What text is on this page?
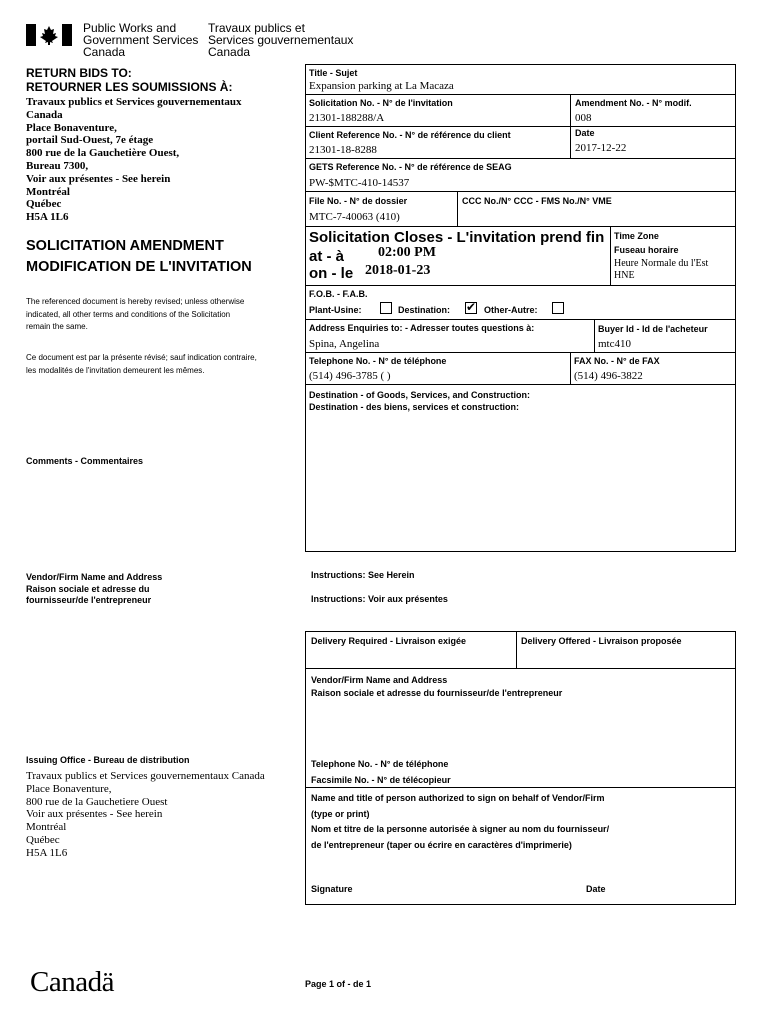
Public Works and
Government Services
Canada
Travaux publics et
Services gouvernementaux
Canada
RETURN BIDS TO:
RETOURNER LES SOUMISSIONS À:
Travaux publics et Services gouvernementaux
Canada
Place Bonaventure,
portail Sud-Ouest, 7e étage
800 rue de la Gauchetière Ouest,
Bureau 7300,
Voir aux présentes - See herein
Montréal
Québec
H5A 1L6
SOLICITATION AMENDMENT
MODIFICATION DE L'INVITATION
The referenced document is hereby revised; unless otherwise
indicated, all other terms and conditions of the Solicitation
remain the same.
Ce document est par la présente révisé; sauf indication contraire,
les modalités de l'invitation demeurent les mêmes.
Comments - Commentaires
Vendor/Firm Name and Address
Raison sociale et adresse du
fournisseur/de l'entrepreneur
Issuing Office - Bureau de distribution
Travaux publics et Services gouvernementaux Canada
Place Bonaventure,
800 rue de la Gauchetiere Ouest
Voir aux présentes - See herein
Montréal
Québec
H5A 1L6
Title - Sujet
Expansion parking at La Macaza
Solicitation No. - N° de l'invitation
21301-188288/A
Amendment No. - N° modif.
008
Client Reference No. - N° de référence du client
21301-18-8288
Date
2017-12-22
GETS Reference No. - N° de référence de SEAG
PW-$MTC-410-14537
File No. - N° de dossier
MTC-7-40063 (410)
CCC No./N° CCC - FMS No./N° VME
Solicitation Closes - L'invitation prend fin
at - à 02:00 PM
on - le 2018-01-23
Time Zone
Fuseau horaire
Heure Normale du l'Est
HNE
F.O.B. - F.A.B.
Plant-Usine:	Destination: ✔ Other-Autre:
Address Enquiries to: - Adresser toutes questions à:
Spina, Angelina
Buyer Id - Id de l'acheteur
mtc410
Telephone No. - N° de téléphone
(514) 496-3785 ( )
FAX No. - N° de FAX
(514) 496-3822
Destination - of Goods, Services, and Construction:
Destination - des biens, services et construction:
Instructions: See Herein
Instructions: Voir aux présentes
Delivery Required - Livraison exigée	Delivery Offered - Livraison proposée
Vendor/Firm Name and Address
Raison sociale et adresse du fournisseur/de l'entrepreneur
Telephone No. - N° de téléphone
Facsimile No. - N° de télécopieur
Name and title of person authorized to sign on behalf of Vendor/Firm
(type or print)
Nom et titre de la personne autorisée à signer au nom du fournisseur/
de l'entrepreneur (taper ou écrire en caractères d'imprimerie)
Signature	Date
Canadä	Page 1 of - de 1
